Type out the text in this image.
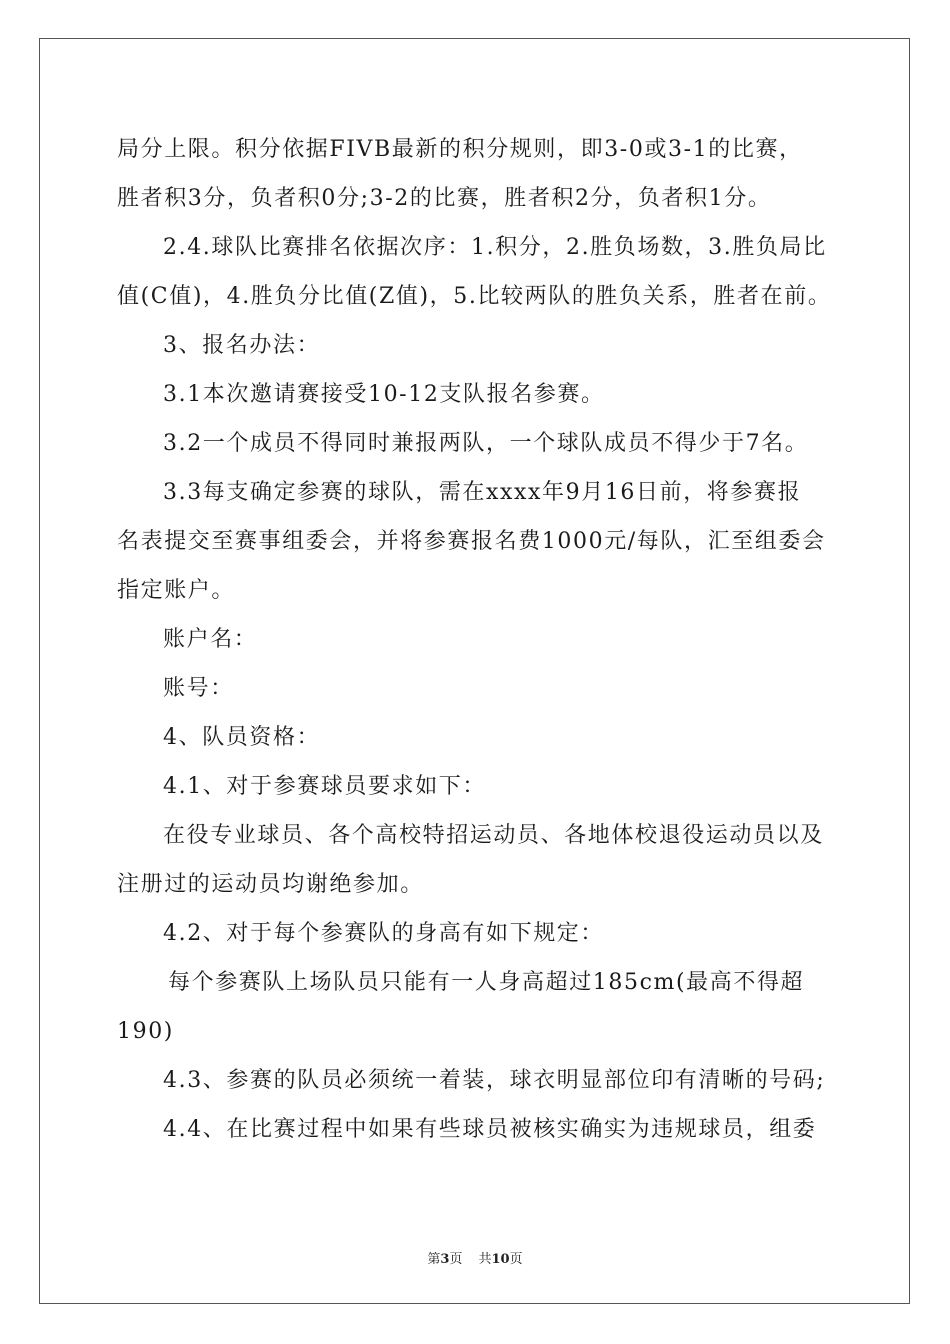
局分上限。积分依据FIVB最新的积分规则，即3-0或3-1的比赛，
胜者积3分，负者积0分;3-2的比赛，胜者积2分，负者积1分。
2.4.球队比赛排名依据次序：1.积分，2.胜负场数，3.胜负局比
值(C值)，4.胜负分比值(Z值)，5.比较两队的胜负关系，胜者在前。
3、报名办法：
3.1本次邀请赛接受10-12支队报名参赛。
3.2一个成员不得同时兼报两队，一个球队成员不得少于7名。
3.3每支确定参赛的球队，需在xxxx年9月16日前，将参赛报
名表提交至赛事组委会，并将参赛报名费1000元/每队，汇至组委会
指定账户。
账户名：
账号：
4、队员资格：
4.1、对于参赛球员要求如下：
在役专业球员、各个高校特招运动员、各地体校退役运动员以及
注册过的运动员均谢绝参加。
4.2、对于每个参赛队的身高有如下规定：
每个参赛队上场队员只能有一人身高超过185cm(最高不得超
190)
4.3、参赛的队员必须统一着装，球衣明显部位印有清晰的号码;
4.4、在比赛过程中如果有些球员被核实确实为违规球员，组委
第3页 共10页
